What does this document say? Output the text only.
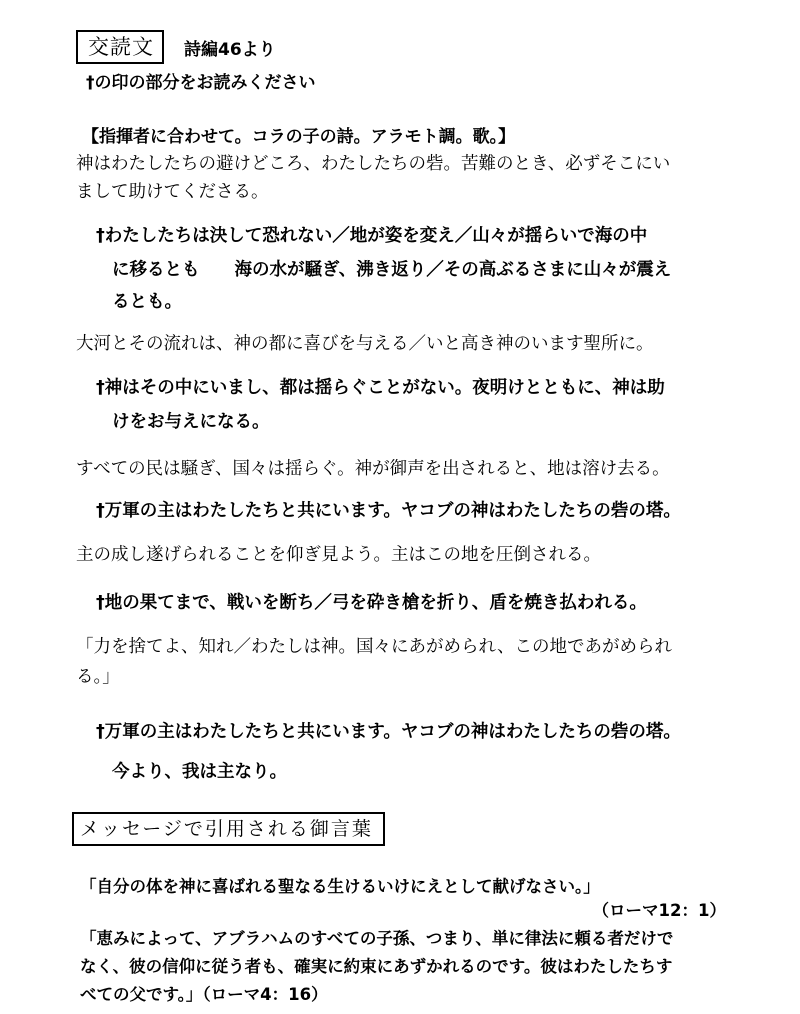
交読文	詩編46より
†の印の部分をお読みください
【指揮者に合わせて。コラの子の詩。アラモト調。歌。】
神はわたしたちの避けどころ、わたしたちの砦。苦難のとき、必ずそこにい
まして助けてくださる。
†わたしたちは決して恐れない／地が姿を変え／山々が揺らいで海の中
に移るとも　　海の水が騒ぎ、沸き返り／その高ぶるさまに山々が震え
るとも。
大河とその流れは、神の都に喜びを与える／いと高き神のいます聖所に。
†神はその中にいまし、都は揺らぐことがない。夜明けとともに、神は助
けをお与えになる。
すべての民は騒ぎ、国々は揺らぐ。神が御声を出されると、地は溶け去る。
†万軍の主はわたしたちと共にいます。ヤコブの神はわたしたちの砦の塔。
主の成し遂げられることを仰ぎ見よう。主はこの地を圧倒される。
†地の果てまで、戦いを断ち／弓を砕き槍を折り、盾を焼き払われる。
「力を捨てよ、知れ／わたしは神。国々にあがめられ、この地であがめられ
る。」
†万軍の主はわたしたちと共にいます。ヤコブの神はわたしたちの砦の塔。
今より、我は主なり。
メッセージで引用される御言葉
「自分の体を神に喜ばれる聖なる生けるいけにえとして献げなさい。」
（ローマ12：1）
「恵みによって、アブラハムのすべての子孫、つまり、単に律法に頼る者だけで
なく、彼の信仰に従う者も、確実に約束にあずかれるのです。彼はわたしたちす
べての父です。」（ローマ4：16）
